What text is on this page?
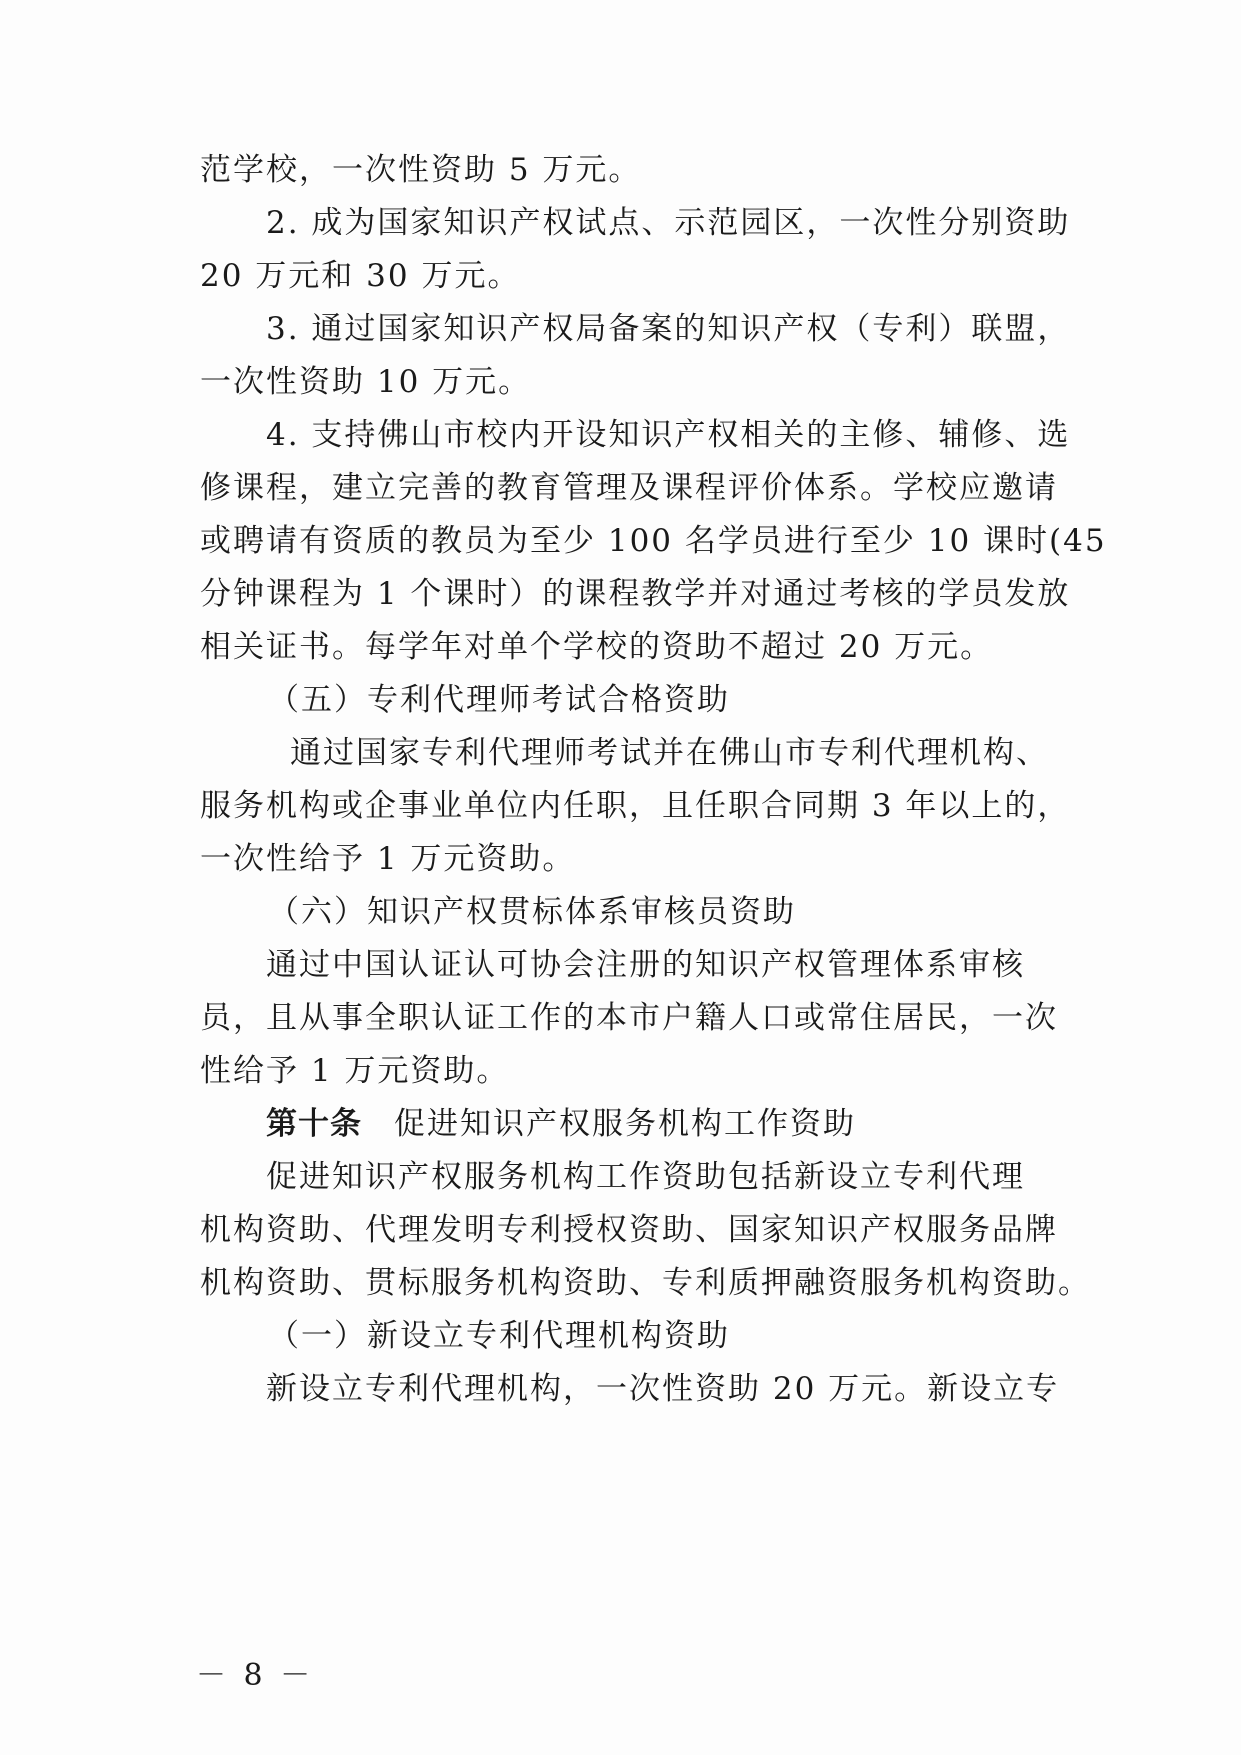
范学校，一次性资助 5 万元。
2. 成为国家知识产权试点、示范园区，一次性分别资助
20 万元和 30 万元。
3. 通过国家知识产权局备案的知识产权（专利）联盟，
一次性资助 10 万元。
4. 支持佛山市校内开设知识产权相关的主修、辅修、选
修课程，建立完善的教育管理及课程评价体系。学校应邀请
或聘请有资质的教员为至少 100 名学员进行至少 10 课时(45
分钟课程为 1 个课时）的课程教学并对通过考核的学员发放
相关证书。每学年对单个学校的资助不超过 20 万元。
（五）专利代理师考试合格资助
通过国家专利代理师考试并在佛山市专利代理机构、
服务机构或企事业单位内任职，且任职合同期 3 年以上的，
一次性给予 1 万元资助。
（六）知识产权贯标体系审核员资助
通过中国认证认可协会注册的知识产权管理体系审核
员，且从事全职认证工作的本市户籍人口或常住居民，一次
性给予 1 万元资助。
第十条 促进知识产权服务机构工作资助
促进知识产权服务机构工作资助包括新设立专利代理
机构资助、代理发明专利授权资助、国家知识产权服务品牌
机构资助、贯标服务机构资助、专利质押融资服务机构资助。
（一）新设立专利代理机构资助
新设立专利代理机构，一次性资助 20 万元。新设立专
－ 8 －
